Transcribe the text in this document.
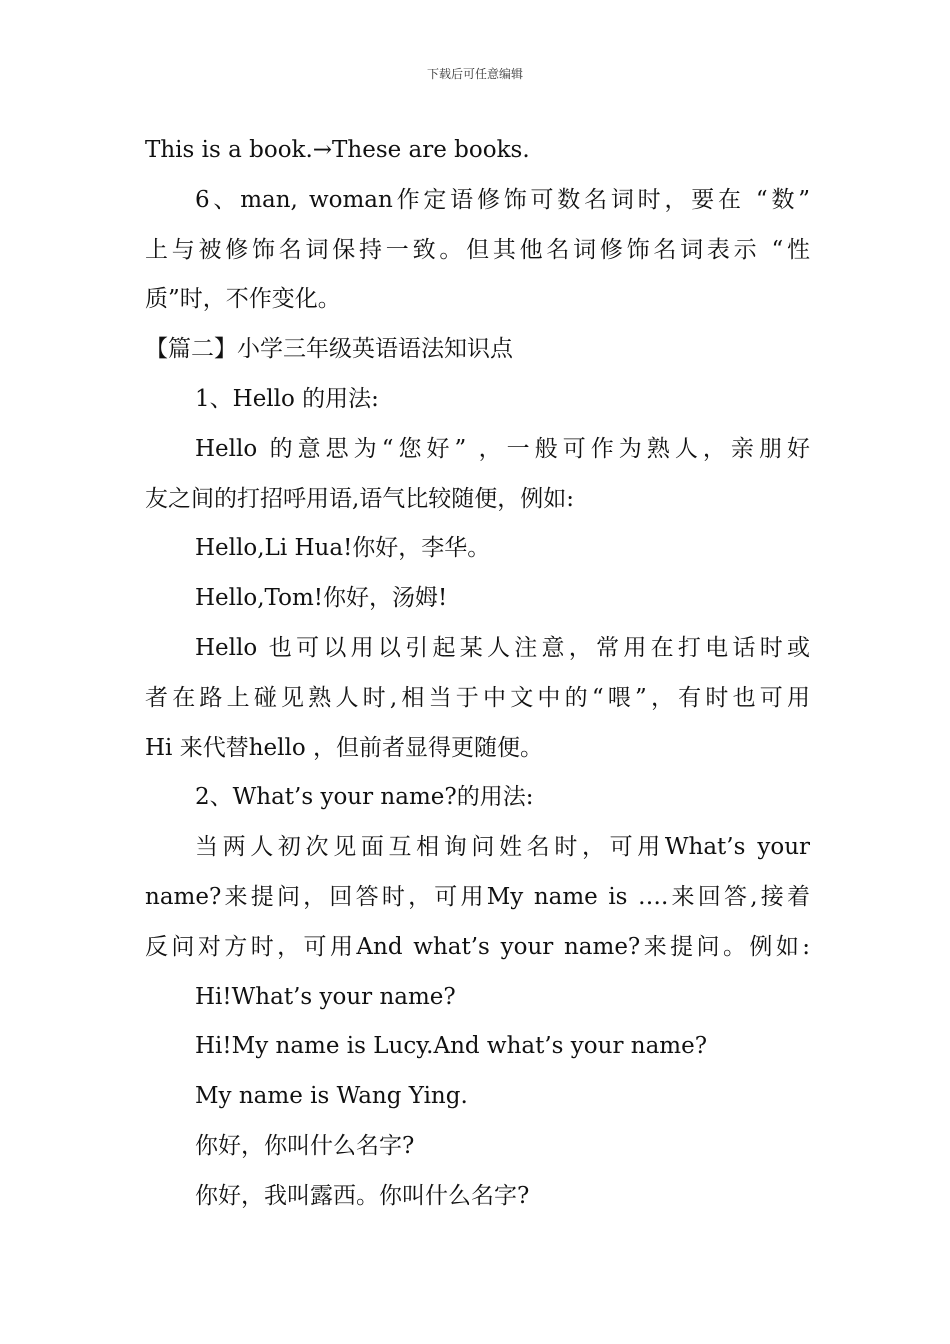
下载后可任意编辑
This is a book.→These are books.
6、man, woman作定语修饰可数名词时，要在 “数”
上与被修饰名词保持一致。但其他名词修饰名词表示 “性
质”时，不作变化。
【篇二】小学三年级英语语法知识点
1、Hello 的用法:
Hello 的意思为“您好” ，一般可作为熟人，亲朋好
友之间的打招呼用语,语气比较随便，例如:
Hello,Li Hua!你好，李华。
Hello,Tom!你好，汤姆!
Hello 也可以用以引起某人注意，常用在打电话时或
者在路上碰见熟人时,相当于中文中的“喂”，有时也可用
Hi 来代替hello ，但前者显得更随便。
2、What’s your name?的用法:
当两人初次见面互相询问姓名时，可用What’s your
name?来提问，回答时，可用My name is ….来回答,接着
反问对方时，可用And what’s your name?来提问。例如:
Hi!What’s your name?
Hi!My name is Lucy.And what’s your name?
My name is Wang Ying.
你好，你叫什么名字?
你好，我叫露西。你叫什么名字?
